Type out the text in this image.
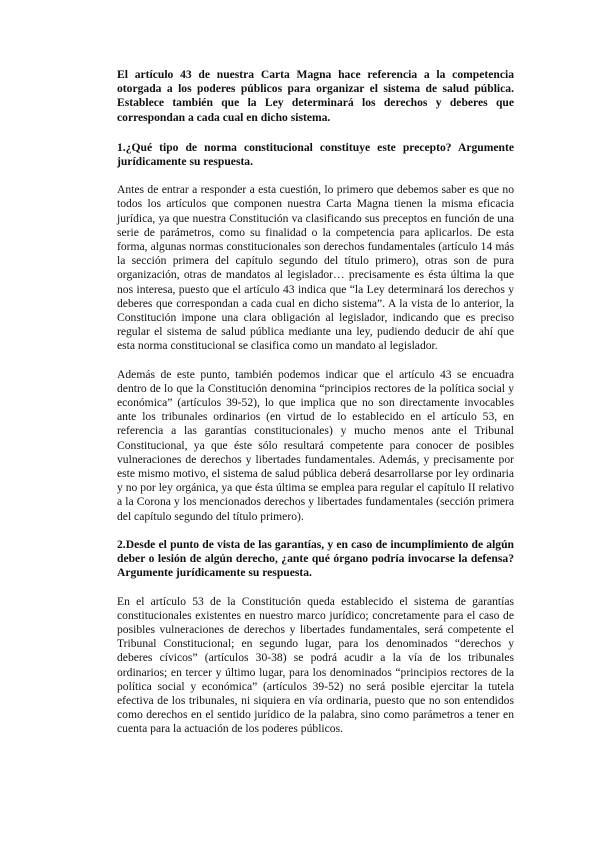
El artículo 43 de nuestra Carta Magna hace referencia a la competencia otorgada a los poderes públicos para organizar el sistema de salud pública. Establece también que la Ley determinará los derechos y deberes que correspondan a cada cual en dicho sistema.

1.¿Qué tipo de norma constitucional constituye este precepto? Argumente jurídicamente su respuesta.

Antes de entrar a responder a esta cuestión, lo primero que debemos saber es que no todos los artículos que componen nuestra Carta Magna tienen la misma eficacia jurídica, ya que nuestra Constitución va clasificando sus preceptos en función de una serie de parámetros, como su finalidad o la competencia para aplicarlos. De esta forma, algunas normas constitucionales son derechos fundamentales (artículo 14 más la sección primera del capítulo segundo del título primero), otras son de pura organización, otras de mandatos al legislador… precisamente es ésta última la que nos interesa, puesto que el artículo 43 indica que “la Ley determinará los derechos y deberes que correspondan a cada cual en dicho sistema”. A la vista de lo anterior, la Constitución impone una clara obligación al legislador, indicando que es preciso regular el sistema de salud pública mediante una ley, pudiendo deducir de ahí que esta norma constitucional se clasifica como un mandato al legislador.

Además de este punto, también podemos indicar que el artículo 43 se encuadra dentro de lo que la Constitución denomina “principios rectores de la política social y económica” (artículos 39-52), lo que implica que no son directamente invocables ante los tribunales ordinarios (en virtud de lo establecido en el artículo 53, en referencia a las garantías constitucionales) y mucho menos ante el Tribunal Constitucional, ya que éste sólo resultará competente para conocer de posibles vulneraciones de derechos y libertades fundamentales. Además, y precisamente por este mismo motivo, el sistema de salud pública deberá desarrollarse por ley ordinaria y no por ley orgánica, ya que ésta última se emplea para regular el capítulo II relativo a la Corona y los mencionados derechos y libertades fundamentales (sección primera del capítulo segundo del título primero).

2.Desde el punto de vista de las garantías, y en caso de incumplimiento de algún deber o lesión de algún derecho, ¿ante qué órgano podría invocarse la defensa? Argumente jurídicamente su respuesta.

En el artículo 53 de la Constitución queda establecido el sistema de garantías constitucionales existentes en nuestro marco jurídico; concretamente para el caso de posibles vulneraciones de derechos y libertades fundamentales, será competente el Tribunal Constitucional; en segundo lugar, para los denominados “derechos y deberes cívicos” (artículos 30-38) se podrá acudir a la vía de los tribunales ordinarios; en tercer y último lugar, para los denominados “principios rectores de la política social y económica” (artículos 39-52) no será posible ejercitar la tutela efectiva de los tribunales, ni siquiera en vía ordinaria, puesto que no son entendidos como derechos en el sentido jurídico de la palabra, sino como parámetros a tener en cuenta para la actuación de los poderes públicos.
